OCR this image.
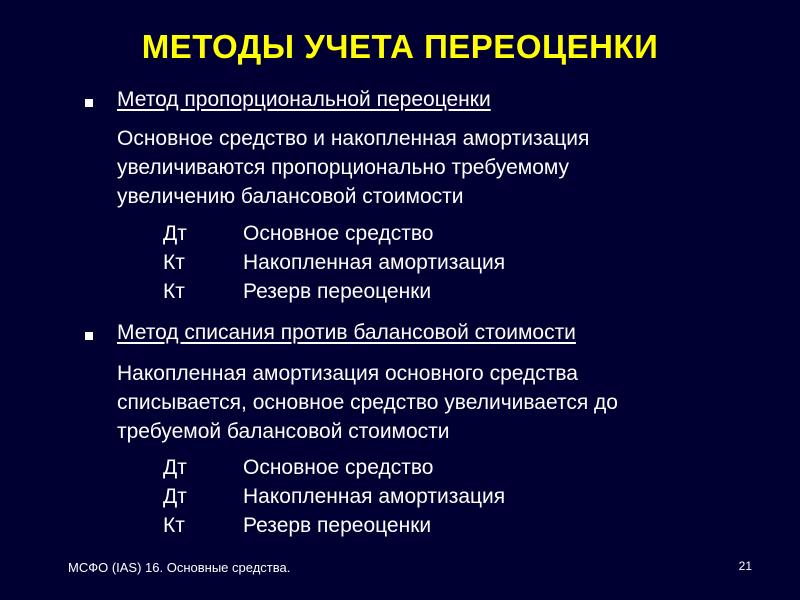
МЕТОДЫ УЧЕТА ПЕРЕОЦЕНКИ
Метод пропорциональной переоценки
Основное средство и накопленная амортизация
увеличиваются пропорционально требуемому
увеличению балансовой стоимости
Дт	Основное средство
Кт	Накопленная амортизация
Кт	Резерв переоценки
Метод списания против балансовой стоимости
Накопленная амортизация основного средства
списывается, основное средство увеличивается до
требуемой балансовой стоимости
Дт	Основное средство
Дт	Накопленная амортизация
Кт	Резерв переоценки
МСФО (IAS) 16. Основные средства.	21
